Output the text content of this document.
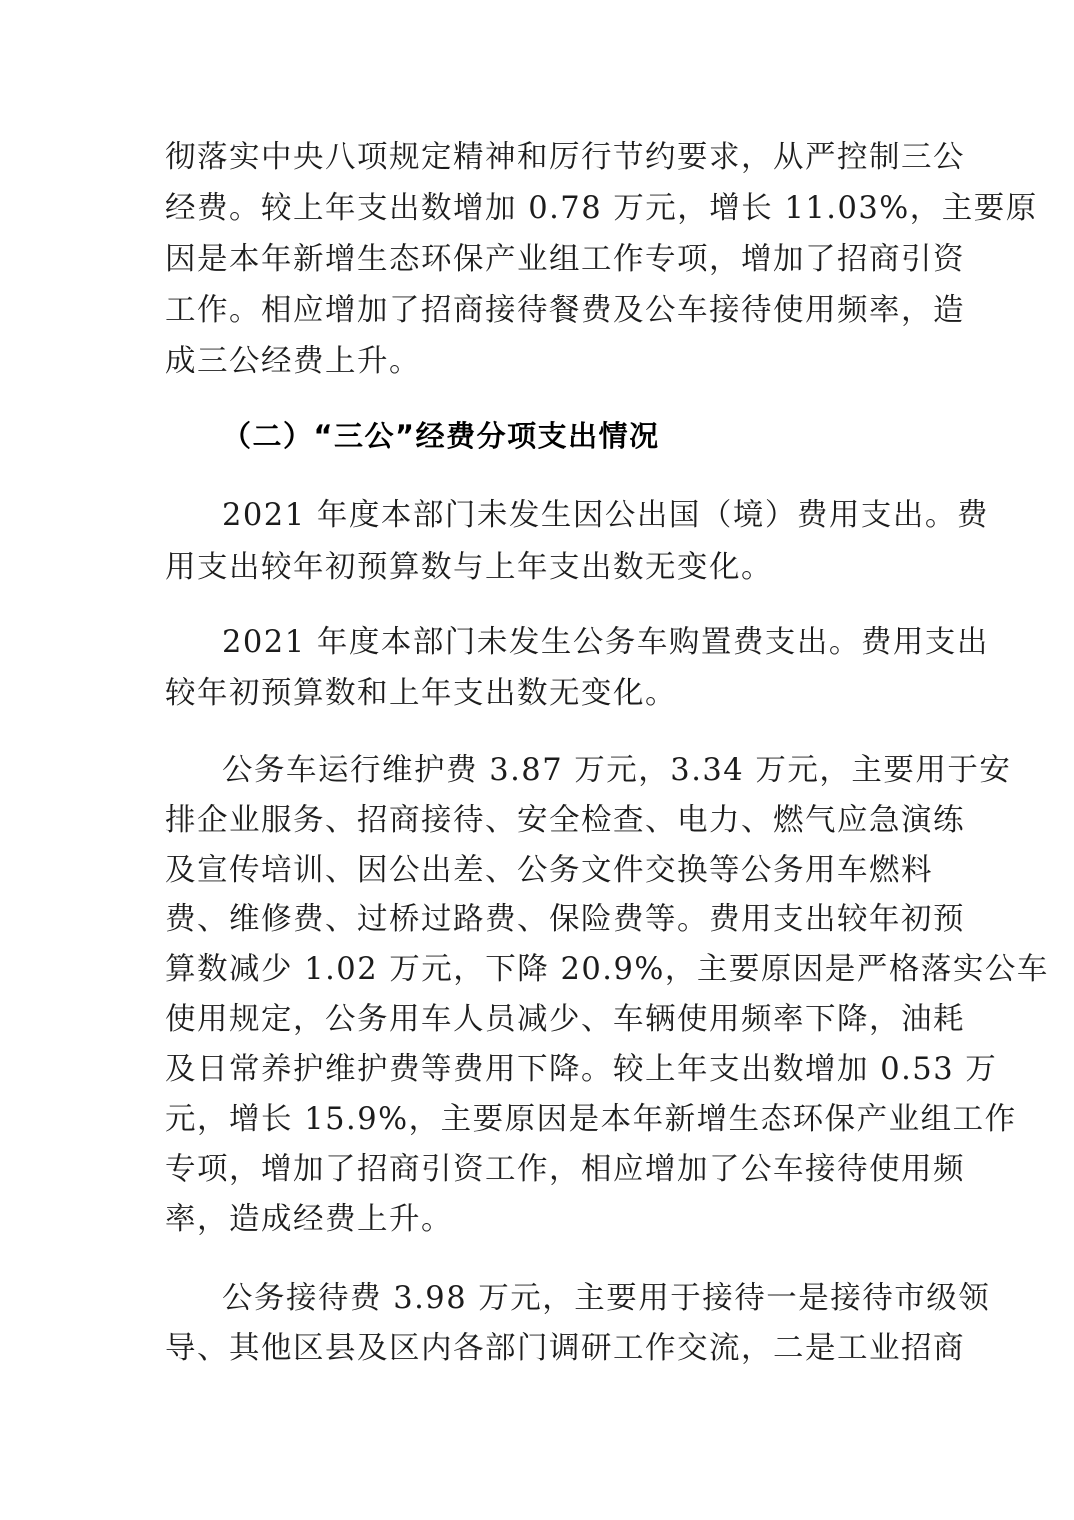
彻落实中央八项规定精神和厉行节约要求，从严控制三公
经费。较上年支出数增加 0.78 万元，增长 11.03%，主要原
因是本年新增生态环保产业组工作专项，增加了招商引资
工作。相应增加了招商接待餐费及公车接待使用频率，造
成三公经费上升。
（二）“三公”经费分项支出情况
2021 年度本部门未发生因公出国（境）费用支出。费
用支出较年初预算数与上年支出数无变化。
2021 年度本部门未发生公务车购置费支出。费用支出
较年初预算数和上年支出数无变化。
公务车运行维护费 3.87 万元，3.34 万元，主要用于安
排企业服务、招商接待、安全检查、电力、燃气应急演练
及宣传培训、因公出差、公务文件交换等公务用车燃料
费、维修费、过桥过路费、保险费等。费用支出较年初预
算数减少 1.02 万元，下降 20.9%，主要原因是严格落实公车
使用规定，公务用车人员减少、车辆使用频率下降，油耗
及日常养护维护费等费用下降。较上年支出数增加 0.53 万
元，增长 15.9%，主要原因是本年新增生态环保产业组工作
专项，增加了招商引资工作，相应增加了公车接待使用频
率，造成经费上升。
公务接待费 3.98 万元，主要用于接待一是接待市级领
导、其他区县及区内各部门调研工作交流，二是工业招商
